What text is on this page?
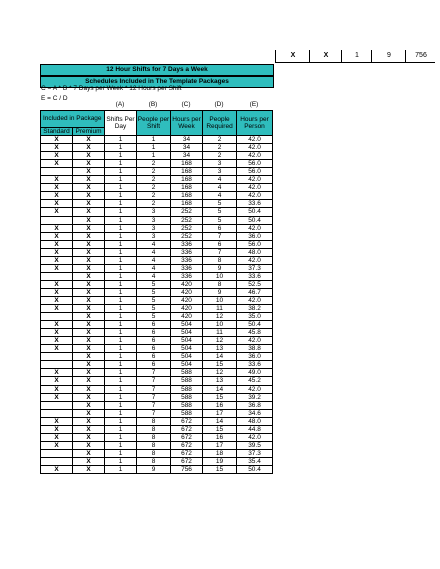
X	X	1	9	756
12 Hour Shifts for 7 Days a Week
Schedules Included in The Template Packages
C = A * B * 7 Days per Week * 12 Hours per Shift
E = C / D
(A)	(B)	(C)	(D)	(E)
Included in Package		Shifts Per Day	People per Shift	Hours per Week	People Required	Hours per Person
Standard	Premium					
X	X	1	1	34	2	42.0
X	X	1	1	34	2	42.0
X	X	1	1	34	2	42.0
X	X	1	2	168	3	56.0
	X	1	2	168	3	56.0
X	X	1	2	168	4	42.0
X	X	1	2	168	4	42.0
X	X	1	2	168	4	42.0
X	X	1	2	168	5	33.6
X	X	1	3	252	5	50.4
	X	1	3	252	5	50.4
X	X	1	3	252	6	42.0
X	X	1	3	252	7	36.0
X	X	1	4	336	6	56.0
X	X	1	4	336	7	48.0
X	X	1	4	336	8	42.0
X	X	1	4	336	9	37.3
	X	1	4	336	10	33.6
X	X	1	5	420	8	52.5
X	X	1	5	420	9	46.7
X	X	1	5	420	10	42.0
X	X	1	5	420	11	38.2
	X	1	5	420	12	35.0
X	X	1	6	504	10	50.4
X	X	1	6	504	11	45.8
X	X	1	6	504	12	42.0
X	X	1	6	504	13	38.8
	X	1	6	504	14	36.0
	X	1	6	504	15	33.6
X	X	1	7	588	12	49.0
X	X	1	7	588	13	45.2
X	X	1	7	588	14	42.0
X	X	1	7	588	15	39.2
	X	1	7	588	16	36.8
	X	1	7	588	17	34.6
X	X	1	8	672	14	48.0
X	X	1	8	672	15	44.8
X	X	1	8	672	16	42.0
X	X	1	8	672	17	39.5
	X	1	8	672	18	37.3
	X	1	8	672	19	35.4
X	X	1	9	756	15	50.4
